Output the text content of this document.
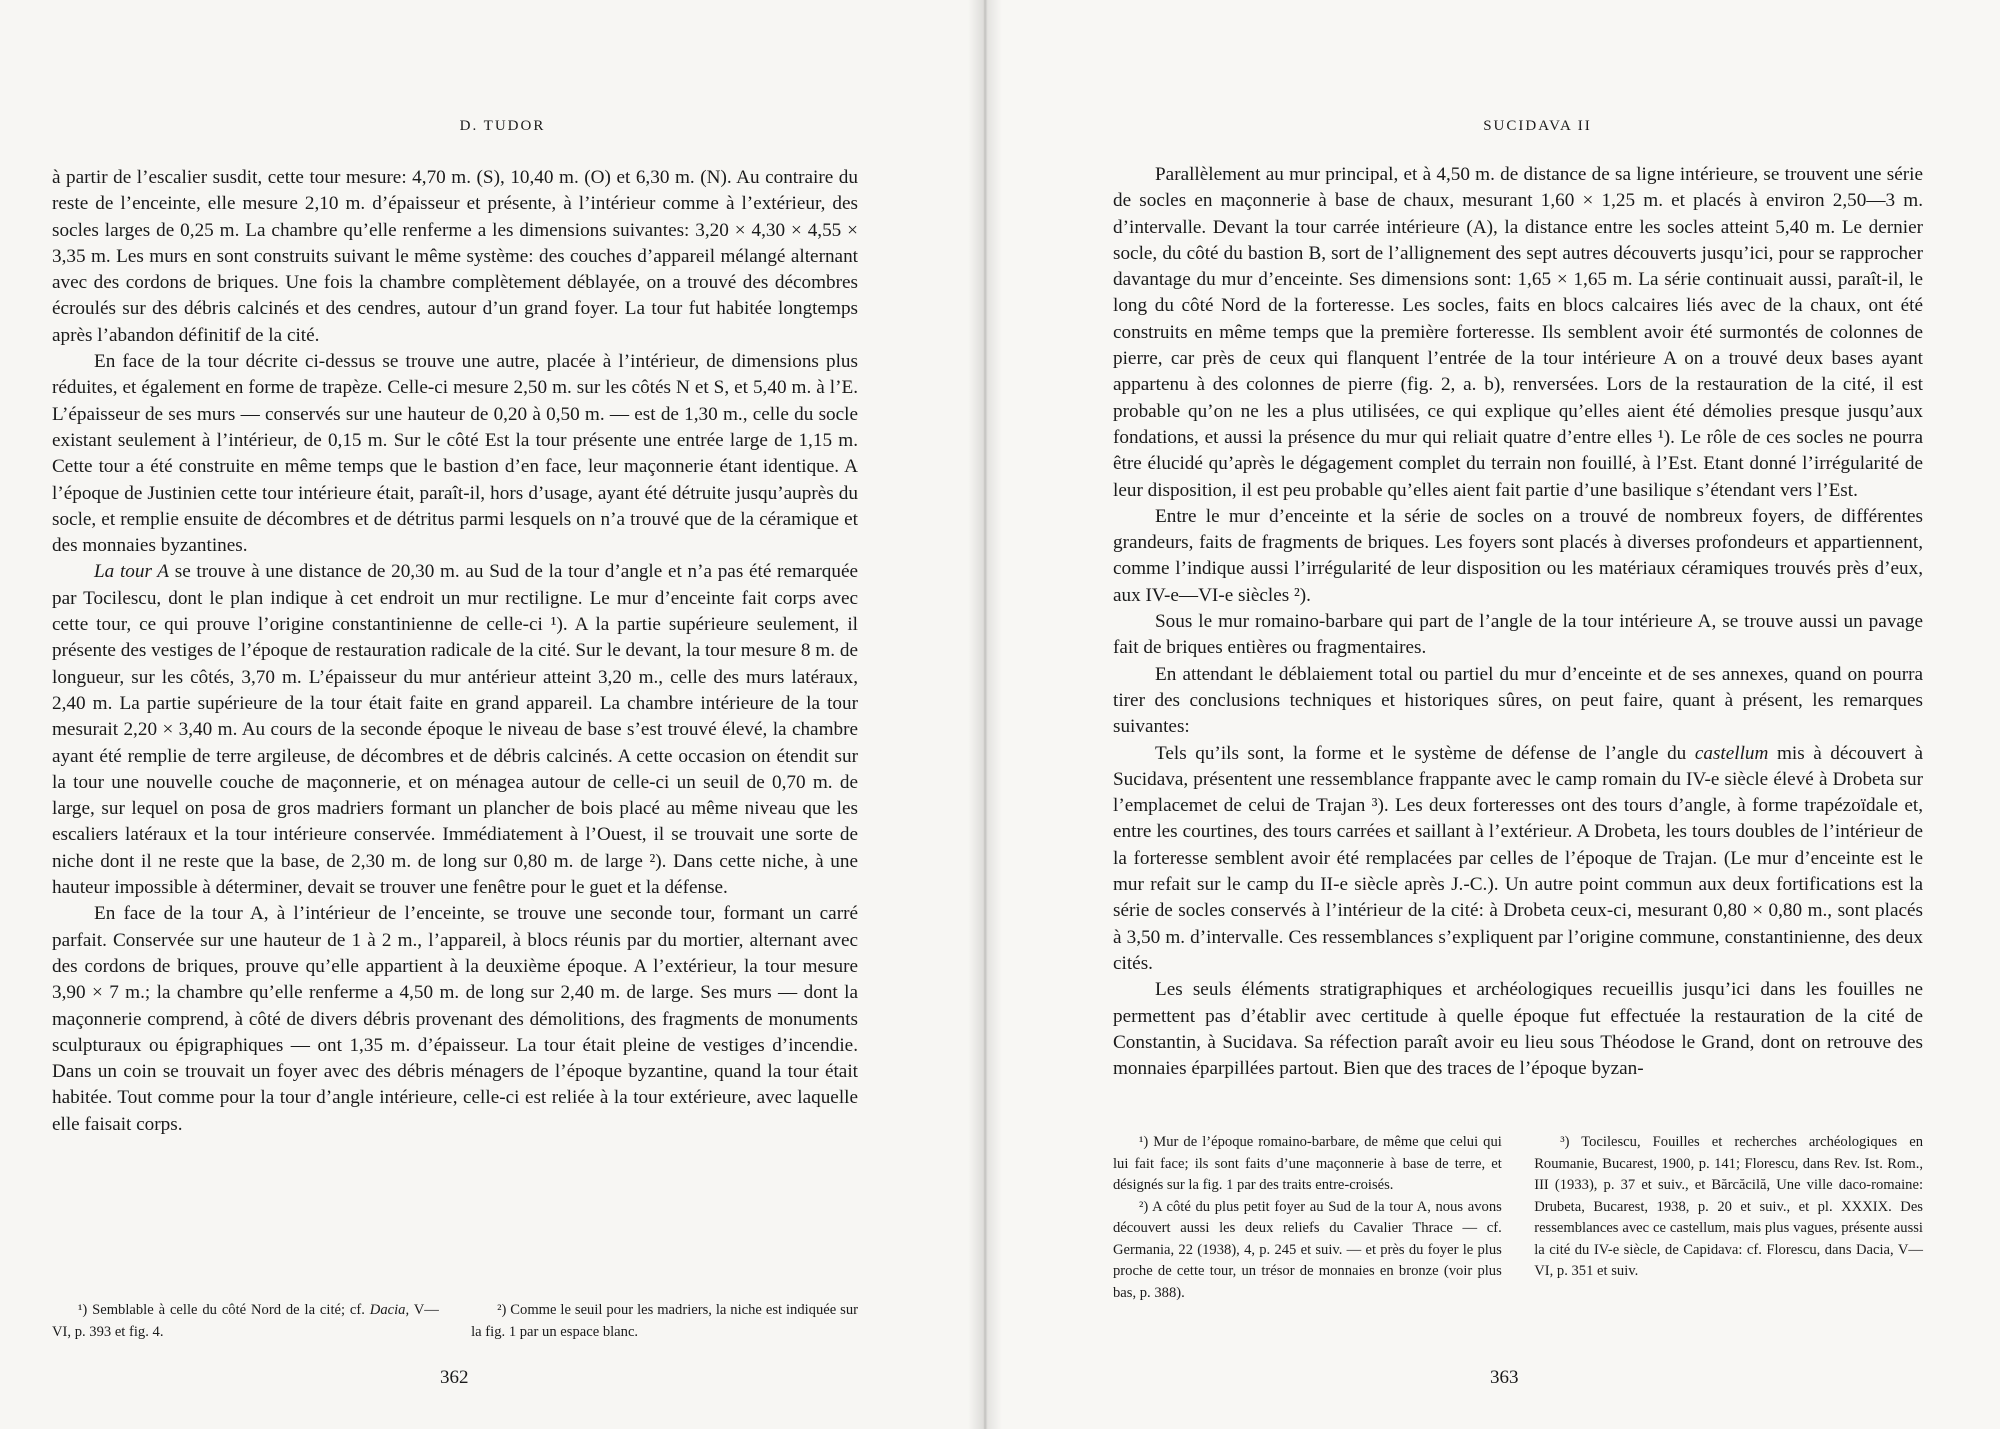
D. TUDOR

à partir de l’escalier susdit, cette tour mesure: 4,70 m. (S), 10,40 m. (O) et 6,30 m. (N). Au contraire du reste de l’enceinte, elle mesure 2,10 m. d’épaisseur et présente, à l’intérieur comme à l’extérieur, des socles larges de 0,25 m. La chambre qu’elle renferme a les dimensions suivantes: 3,20 × 4,30 × 4,55 × 3,35 m. Les murs en sont construits suivant le même système: des couches d’appareil mélangé alternant avec des cordons de briques. Une fois la chambre complètement déblayée, on a trouvé des décombres écroulés sur des débris calcinés et des cendres, autour d’un grand foyer. La tour fut habitée longtemps après l’abandon définitif de la cité.

En face de la tour décrite ci-dessus se trouve une autre, placée à l’intérieur, de dimensions plus réduites, et également en forme de trapèze. Celle-ci mesure 2,50 m. sur les côtés N et S, et 5,40 m. à l’E. L’épaisseur de ses murs — conservés sur une hauteur de 0,20 à 0,50 m. — est de 1,30 m., celle du socle existant seulement à l’intérieur, de 0,15 m. Sur le côté Est la tour présente une entrée large de 1,15 m. Cette tour a été construite en même temps que le bastion d’en face, leur maçonnerie étant identique. A l’époque de Justinien cette tour intérieure était, paraît-il, hors d’usage, ayant été détruite jusqu’auprès du socle, et remplie ensuite de décombres et de détritus parmi lesquels on n’a trouvé que de la céramique et des monnaies byzantines.

La tour A se trouve à une distance de 20,30 m. au Sud de la tour d’angle et n’a pas été remarquée par Tocilescu, dont le plan indique à cet endroit un mur rectiligne. Le mur d’enceinte fait corps avec cette tour, ce qui prouve l’origine constantinienne de celle-ci ¹). A la partie supérieure seulement, il présente des vestiges de l’époque de restauration radicale de la cité. Sur le devant, la tour mesure 8 m. de longueur, sur les côtés, 3,70 m. L’épaisseur du mur antérieur atteint 3,20 m., celle des murs latéraux, 2,40 m. La partie supérieure de la tour était faite en grand appareil. La chambre intérieure de la tour mesurait 2,20 × 3,40 m. Au cours de la seconde époque le niveau de base s’est trouvé élevé, la chambre ayant été remplie de terre argileuse, de décombres et de débris calcinés. A cette occasion on étendit sur la tour une nouvelle couche de maçonnerie, et on ménagea autour de celle-ci un seuil de 0,70 m. de large, sur lequel on posa de gros madriers formant un plancher de bois placé au même niveau que les escaliers latéraux et la tour intérieure conservée. Immédiatement à l’Ouest, il se trouvait une sorte de niche dont il ne reste que la base, de 2,30 m. de long sur 0,80 m. de large ²). Dans cette niche, à une hauteur impossible à déterminer, devait se trouver une fenêtre pour le guet et la défense.

En face de la tour A, à l’intérieur de l’enceinte, se trouve une seconde tour, formant un carré parfait. Conservée sur une hauteur de 1 à 2 m., l’appareil, à blocs réunis par du mortier, alternant avec des cordons de briques, prouve qu’elle appartient à la deuxième époque. A l’extérieur, la tour mesure 3,90 × 7 m.; la chambre qu’elle renferme a 4,50 m. de long sur 2,40 m. de large. Ses murs — dont la maçonnerie comprend, à côté de divers débris provenant des démolitions, des fragments de monuments sculpturaux ou épigraphiques — ont 1,35 m. d’épaisseur. La tour était pleine de vestiges d’incendie. Dans un coin se trouvait un foyer avec des débris ménagers de l’époque byzantine, quand la tour était habitée. Tout comme pour la tour d’angle intérieure, celle-ci est reliée à la tour extérieure, avec laquelle elle faisait corps.

¹) Semblable à celle du côté Nord de la cité; cf. Dacia, V—VI, p. 393 et fig. 4.

²) Comme le seuil pour les madriers, la niche est indiquée sur la fig. 1 par un espace blanc.

362
SUCIDAVA II

Parallèlement au mur principal, et à 4,50 m. de distance de sa ligne intérieure, se trouvent une série de socles en maçonnerie à base de chaux, mesurant 1,60 × 1,25 m. et placés à environ 2,50—3 m. d’intervalle. Devant la tour carrée intérieure (A), la distance entre les socles atteint 5,40 m. Le dernier socle, du côté du bastion B, sort de l’allignement des sept autres découverts jusqu’ici, pour se rapprocher davantage du mur d’enceinte. Ses dimensions sont: 1,65 × 1,65 m. La série continuait aussi, paraît-il, le long du côté Nord de la forteresse. Les socles, faits en blocs calcaires liés avec de la chaux, ont été construits en même temps que la première forteresse. Ils semblent avoir été surmontés de colonnes de pierre, car près de ceux qui flanquent l’entrée de la tour intérieure A on a trouvé deux bases ayant appartenu à des colonnes de pierre (fig. 2, a. b), renversées. Lors de la restauration de la cité, il est probable qu’on ne les a plus utilisées, ce qui explique qu’elles aient été démolies presque jusqu’aux fondations, et aussi la présence du mur qui reliait quatre d’entre elles ¹). Le rôle de ces socles ne pourra être élucidé qu’après le dégagement complet du terrain non fouillé, à l’Est. Etant donné l’irrégularité de leur disposition, il est peu probable qu’elles aient fait partie d’une basilique s’étendant vers l’Est.

Entre le mur d’enceinte et la série de socles on a trouvé de nombreux foyers, de différentes grandeurs, faits de fragments de briques. Les foyers sont placés à diverses profondeurs et appartiennent, comme l’indique aussi l’irrégularité de leur disposition ou les matériaux céramiques trouvés près d’eux, aux IV-e—VI-e siècles ²).

Sous le mur romaino-barbare qui part de l’angle de la tour intérieure A, se trouve aussi un pavage fait de briques entières ou fragmentaires.

En attendant le déblaiement total ou partiel du mur d’enceinte et de ses annexes, quand on pourra tirer des conclusions techniques et historiques sûres, on peut faire, quant à présent, les remarques suivantes:

Tels qu’ils sont, la forme et le système de défense de l’angle du castellum mis à découvert à Sucidava, présentent une ressemblance frappante avec le camp romain du IV-e siècle élevé à Drobeta sur l’emplacemet de celui de Trajan ³). Les deux forteresses ont des tours d’angle, à forme trapézoïdale et, entre les courtines, des tours carrées et saillant à l’extérieur. A Drobeta, les tours doubles de l’intérieur de la forteresse semblent avoir été remplacées par celles de l’époque de Trajan. (Le mur d’enceinte est le mur refait sur le camp du II-e siècle après J.-C.). Un autre point commun aux deux fortifications est la série de socles conservés à l’intérieur de la cité: à Drobeta ceux-ci, mesurant 0,80 × 0,80 m., sont placés à 3,50 m. d’intervalle. Ces ressemblances s’expliquent par l’origine commune, constantinienne, des deux cités.

Les seuls éléments stratigraphiques et archéologiques recueillis jusqu’ici dans les fouilles ne permettent pas d’établir avec certitude à quelle époque fut effectuée la restauration de la cité de Constantin, à Sucidava. Sa réfection paraît avoir eu lieu sous Théodose le Grand, dont on retrouve des monnaies éparpillées partout. Bien que des traces de l’époque byzan-

¹) Mur de l’époque romaino-barbare, de même que celui qui lui fait face; ils sont faits d’une maçonnerie à base de terre, et désignés sur la fig. 1 par des traits entre-croisés.

²) A côté du plus petit foyer au Sud de la tour A, nous avons découvert aussi les deux reliefs du Cavalier Thrace — cf. Germania, 22 (1938), 4, p. 245 et suiv. — et près du foyer le plus proche de cette tour, un trésor de monnaies en bronze (voir plus bas, p. 388).

³) Tocilescu, Fouilles et recherches archéologiques en Roumanie, Bucarest, 1900, p. 141; Florescu, dans Rev. Ist. Rom., III (1933), p. 37 et suiv., et Bărcăcilă, Une ville daco-romaine: Drubeta, Bucarest, 1938, p. 20 et suiv., et pl. XXXIX. Des ressemblances avec ce castellum, mais plus vagues, présente aussi la cité du IV-e siècle, de Capidava: cf. Florescu, dans Dacia, V—VI, p. 351 et suiv.

363
